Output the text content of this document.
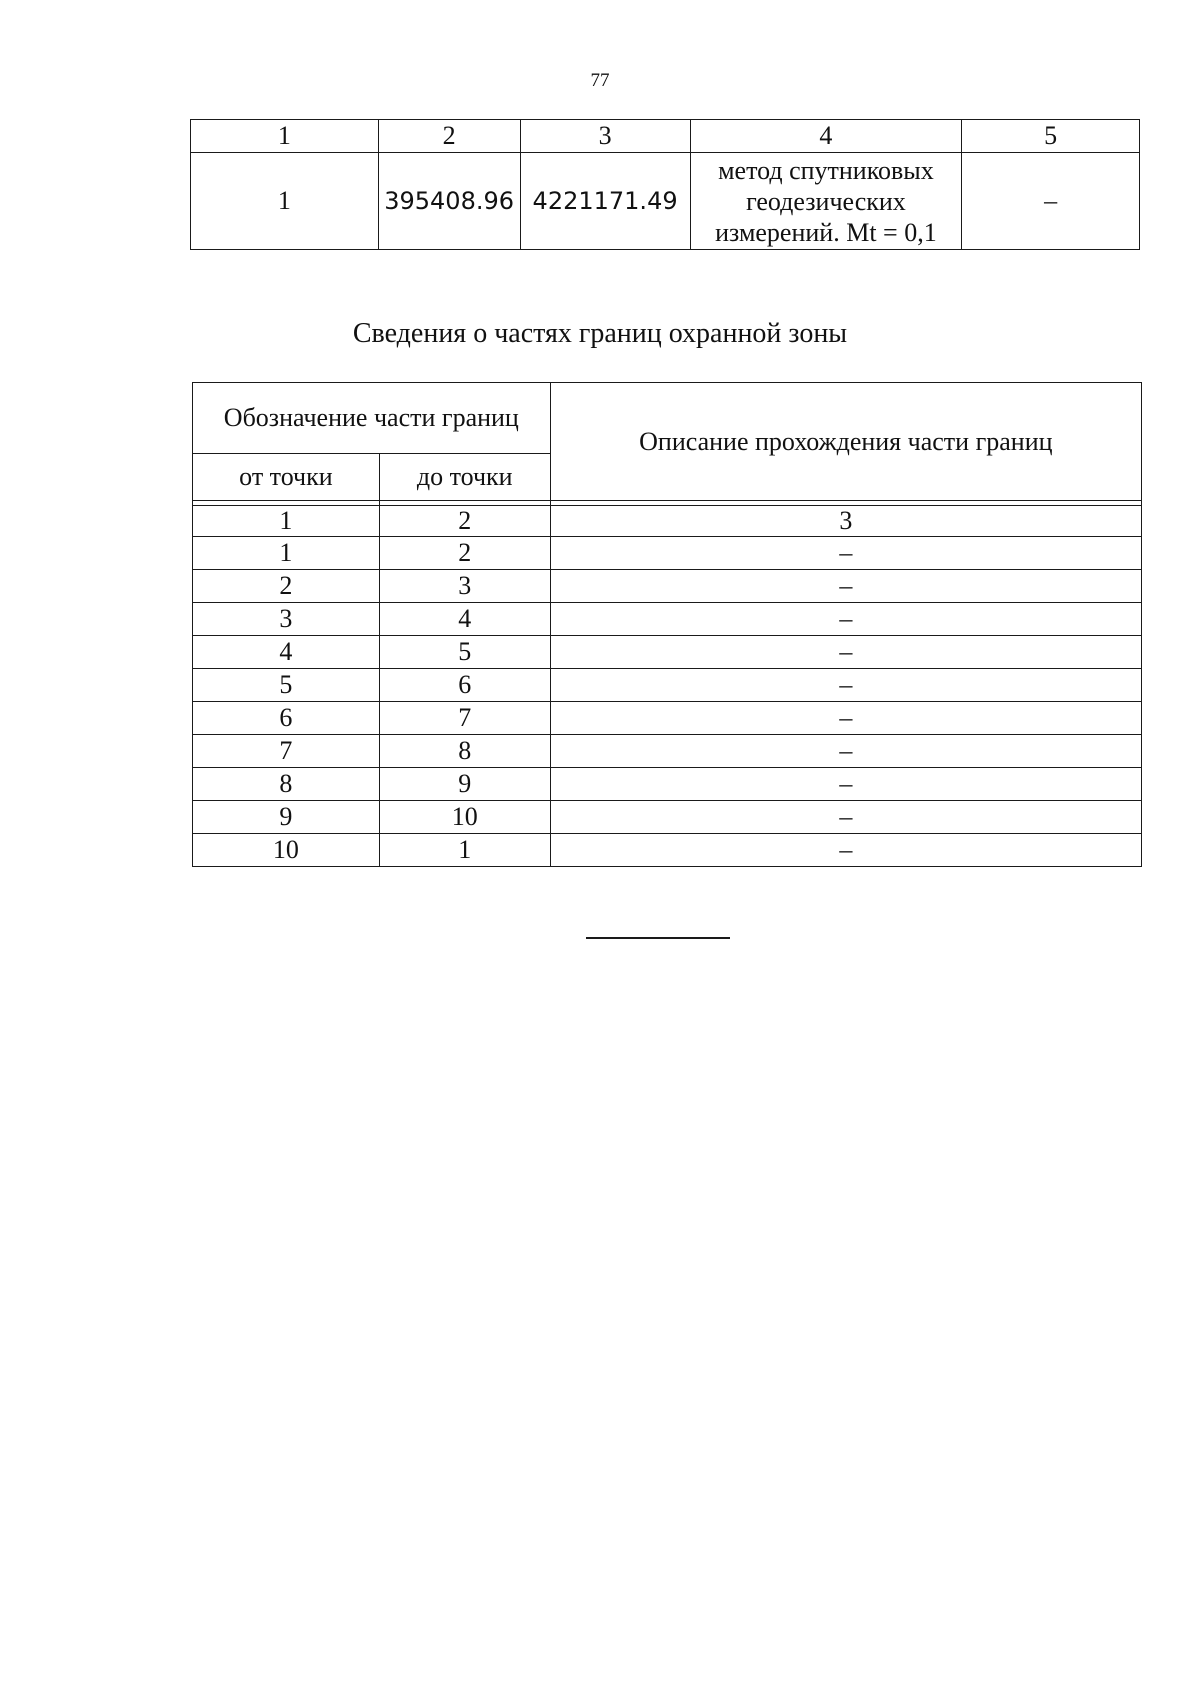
77
1	2	3	4	5
1	395408.96	4221171.49	метод спутниковых
геодезических
измерений. Mt = 0,1	–
Сведения о частях границ охранной зоны
Обозначение части границ		Описание прохождения части границ
от точки	до точки	

1	2	3
1	2	–
2	3	–
3	4	–
4	5	–
5	6	–
6	7	–
7	8	–
8	9	–
9	10	–
10	1	–
